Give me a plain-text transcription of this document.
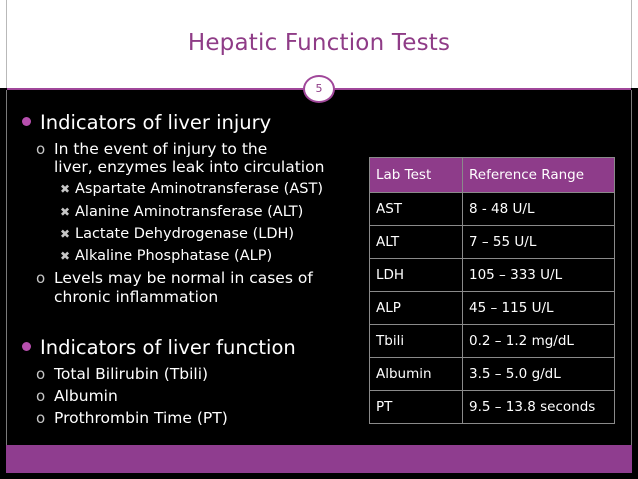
Hepatic Function Tests
5
Indicators of liver injury
o In the event of injury to the
liver, enzymes leak into circulation
✖ Aspartate Aminotransferase (AST)
✖ Alanine Aminotransferase (ALT)
✖ Lactate Dehydrogenase (LDH)
✖ Alkaline Phosphatase (ALP)
o Levels may be normal in cases of
chronic inflammation
Indicators of liver function
o Total Bilirubin (Tbili)
o Albumin
o Prothrombin Time (PT)
Lab Test	Reference Range
AST	8 - 48 U/L
ALT	7 – 55 U/L
LDH	105 – 333 U/L
ALP	45 – 115 U/L
Tbili	0.2 – 1.2 mg/dL
Albumin	3.5 – 5.0 g/dL
PT	9.5 – 13.8 seconds
